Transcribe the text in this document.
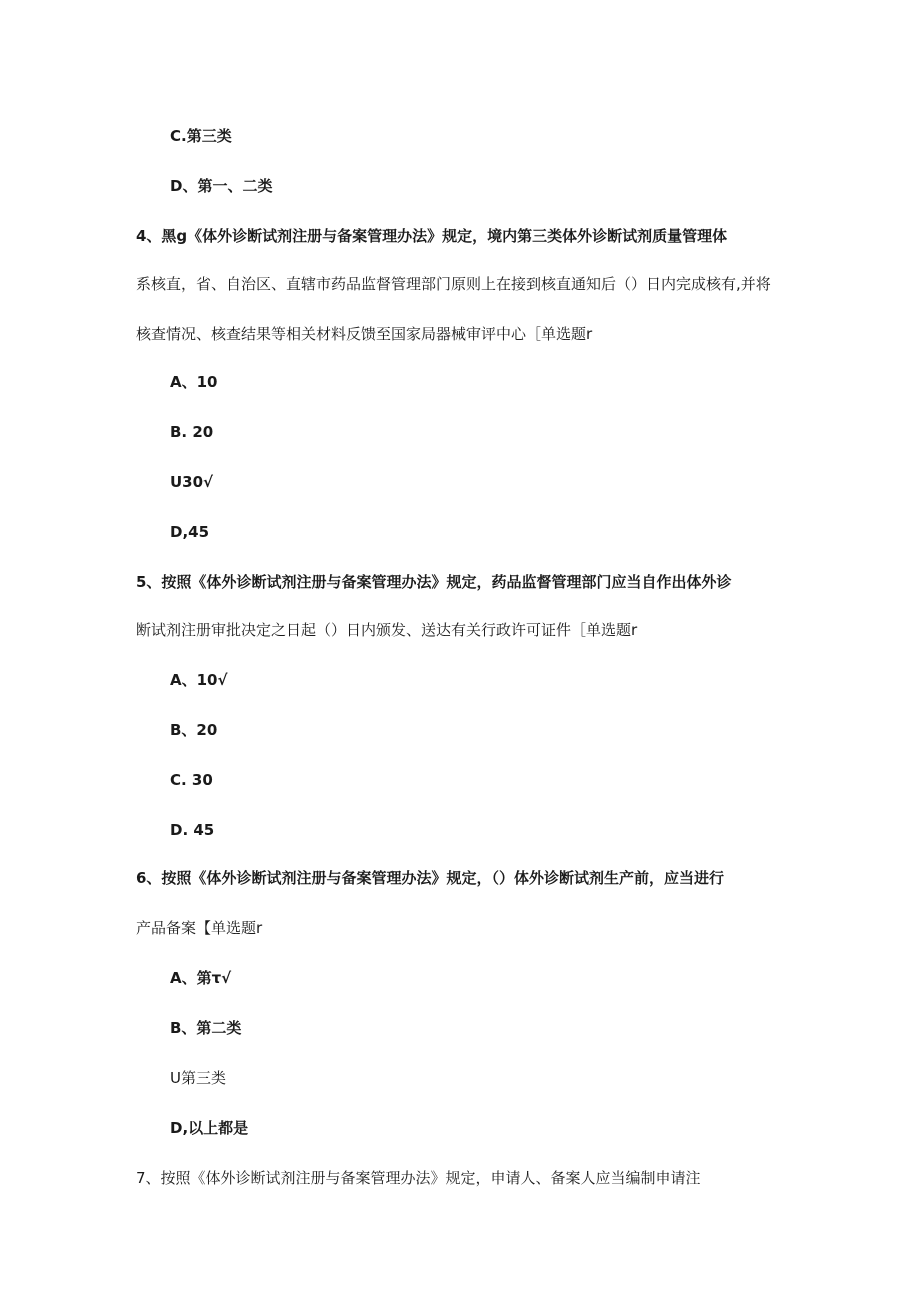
C.第三类
D、第一、二类
4、黑g《体外诊断试剂注册与备案管理办法》规定，境内第三类体外诊断试剂质量管理体
系核直，省、自治区、直辖市药品监督管理部门原则上在接到核直通知后（）日内完成核有,并将
核查情况、核查结果等相关材料反馈至国家局器械审评中心［单选题r
A、10
B. 20
U30√
D,45
5、按照《体外诊断试剂注册与备案管理办法》规定，药品监督管理部门应当自作出体外诊
断试剂注册审批决定之日起（）日内颁发、送达有关行政许可证件［单选题r
A、10√
B、20
C. 30
D. 45
6、按照《体外诊断试剂注册与备案管理办法》规定，（）体外诊断试剂生产前，应当进行
产品备案【单选题r
A、第τ√
B、第二类
U第三类
D,以上都是
7、按照《体外诊断试剂注册与备案管理办法》规定，申请人、备案人应当编制申请注
